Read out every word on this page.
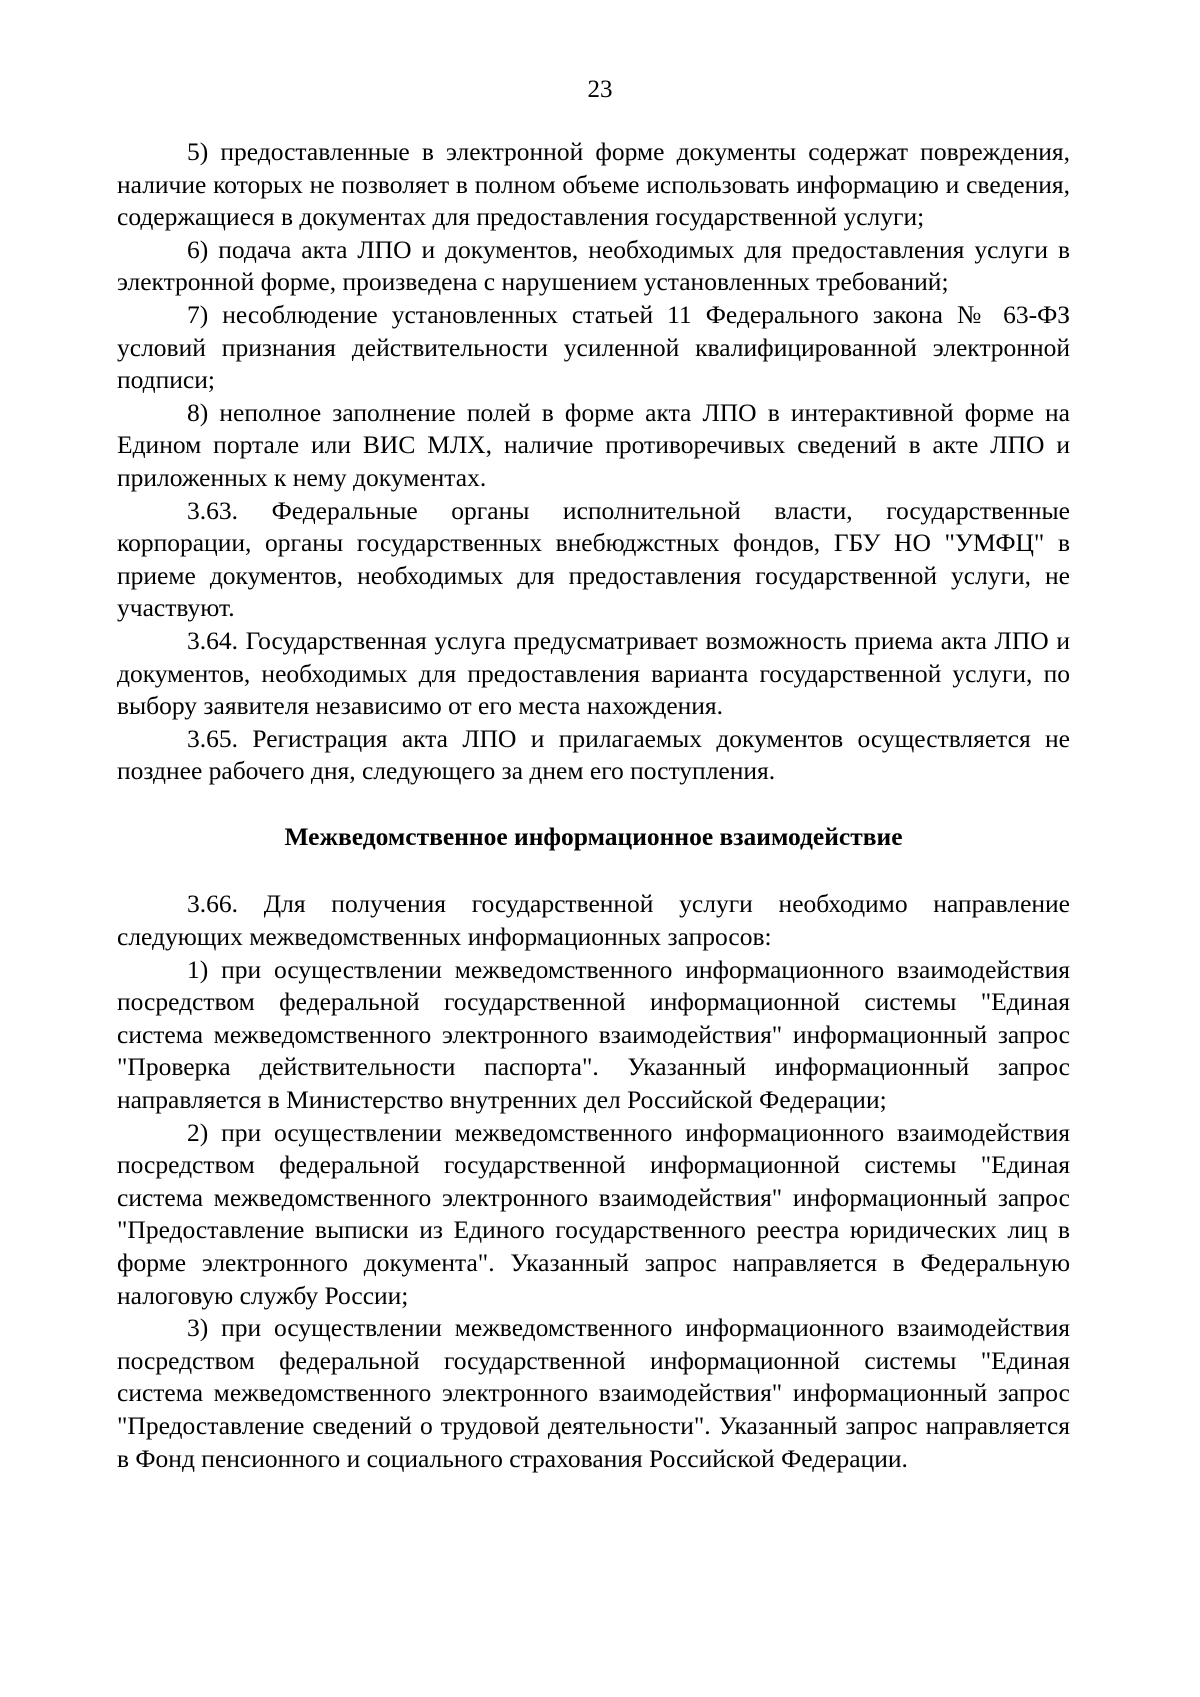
23

5) предоставленные в электронной форме документы содержат повреждения, наличие которых не позволяет в полном объеме использовать информацию и сведения, содержащиеся в документах для предоставления государственной услуги;

6) подача акта ЛПО и документов, необходимых для предоставления услуги в электронной форме, произведена с нарушением установленных требований;

7) несоблюдение установленных статьей 11 Федерального закона № 63-ФЗ условий признания действительности усиленной квалифицированной электронной подписи;

8) неполное заполнение полей в форме акта ЛПО в интерактивной форме на Едином портале или ВИС МЛХ, наличие противоречивых сведений в акте ЛПО и приложенных к нему документах.

3.63. Федеральные органы исполнительной власти, государственные корпорации, органы государственных внебюджстных фондов, ГБУ НО "УМФЦ" в приеме документов, необходимых для предоставления государственной услуги, не участвуют.

3.64. Государственная услуга предусматривает возможность приема акта ЛПО и документов, необходимых для предоставления варианта государственной услуги, по выбору заявителя независимо от его места нахождения.

3.65. Регистрация акта ЛПО и прилагаемых документов осуществляется не позднее рабочего дня, следующего за днем его поступления.

Межведомственное информационное взаимодействие

3.66. Для получения государственной услуги необходимо направление следующих межведомственных информационных запросов:

1) при осуществлении межведомственного информационного взаимодействия посредством федеральной государственной информационной системы "Единая система межведомственного электронного взаимодействия" информационный запрос "Проверка действительности паспорта". Указанный информационный запрос направляется в Министерство внутренних дел Российской Федерации;

2) при осуществлении межведомственного информационного взаимодействия посредством федеральной государственной информационной системы "Единая система межведомственного электронного взаимодействия" информационный запрос "Предоставление выписки из Единого государственного реестра юридических лиц в форме электронного документа". Указанный запрос направляется в Федеральную налоговую службу России;

3) при осуществлении межведомственного информационного взаимодействия посредством федеральной государственной информационной системы "Единая система межведомственного электронного взаимодействия" информационный запрос "Предоставление сведений о трудовой деятельности". Указанный запрос направляется в Фонд пенсионного и социального страхования Российской Федерации.
